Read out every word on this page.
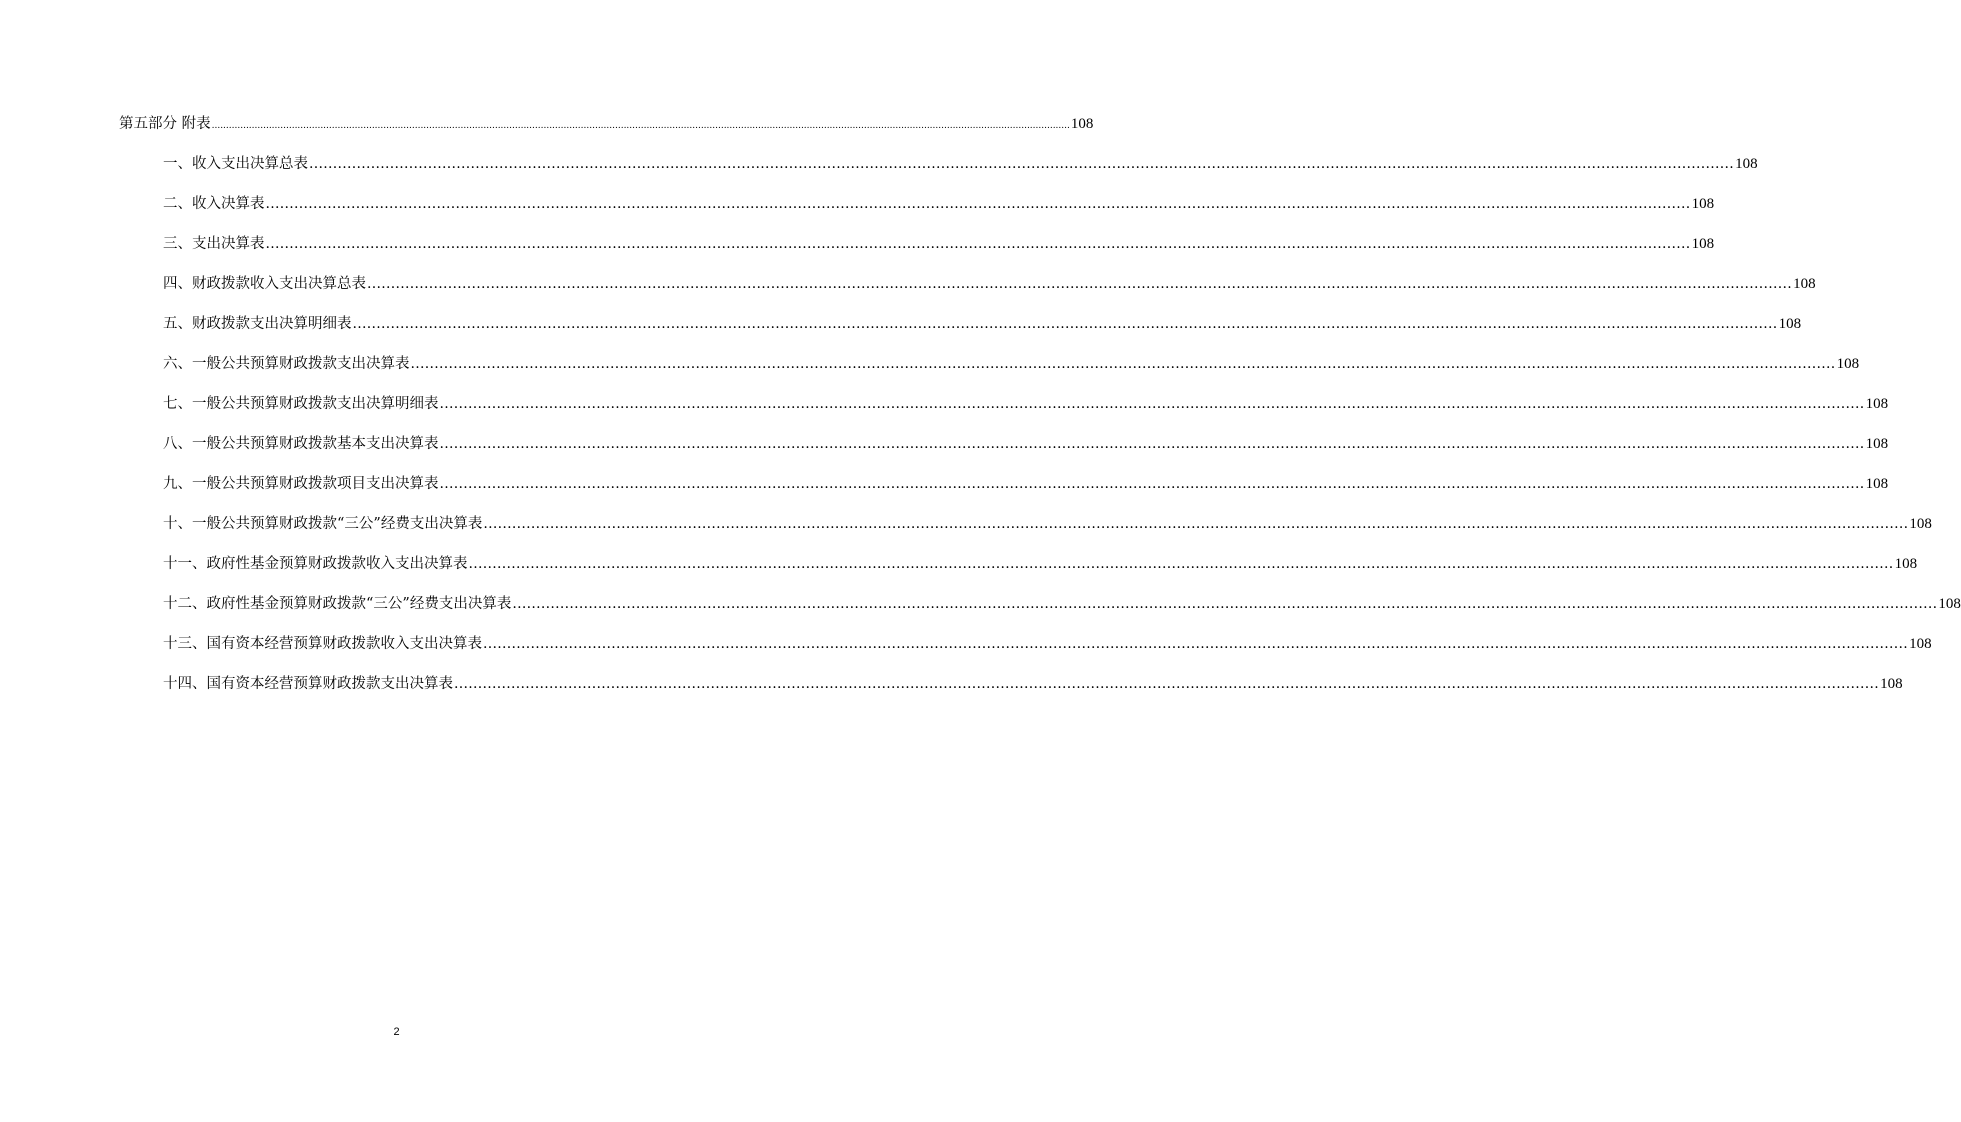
第五部分 附表 ............................................................................................................................................................................................................................................................................................................ 108
一、收入支出决算总表 ............................................................................................................................................................................................................................................................................................................ 108
二、收入决算表 ............................................................................................................................................................................................................................................................................................................ 108
三、支出决算表 ............................................................................................................................................................................................................................................................................................................ 108
四、财政拨款收入支出决算总表 ............................................................................................................................................................................................................................................................................................................ 108
五、财政拨款支出决算明细表 ............................................................................................................................................................................................................................................................................................................ 108
六、一般公共预算财政拨款支出决算表 ............................................................................................................................................................................................................................................................................................................ 108
七、一般公共预算财政拨款支出决算明细表 ............................................................................................................................................................................................................................................................................................................ 108
八、一般公共预算财政拨款基本支出决算表 ............................................................................................................................................................................................................................................................................................................ 108
九、一般公共预算财政拨款项目支出决算表 ............................................................................................................................................................................................................................................................................................................ 108
十、一般公共预算财政拨款“三公”经费支出决算表 ............................................................................................................................................................................................................................................................................................................ 108
十一、政府性基金预算财政拨款收入支出决算表 ............................................................................................................................................................................................................................................................................................................ 108
十二、政府性基金预算财政拨款“三公”经费支出决算表 ............................................................................................................................................................................................................................................................................................................ 108
十三、国有资本经营预算财政拨款收入支出决算表 ............................................................................................................................................................................................................................................................................................................ 108
十四、国有资本经营预算财政拨款支出决算表 ............................................................................................................................................................................................................................................................................................................ 108
2
